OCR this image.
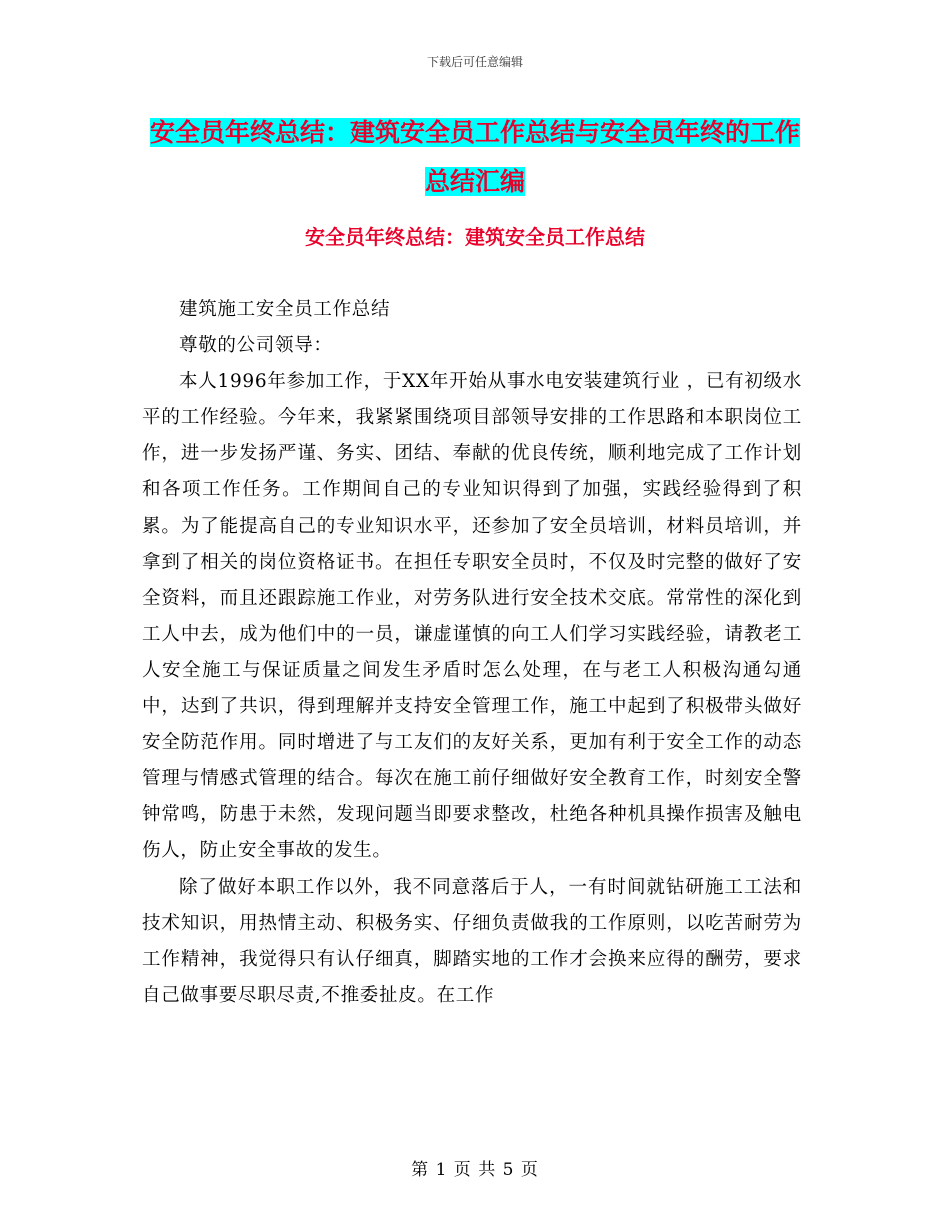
下载后可任意编辑
安全员年终总结：建筑安全员工作总结与安全员年终的工作总结汇编
安全员年终总结：建筑安全员工作总结

建筑施工安全员工作总结

尊敬的公司领导：

本人1996年参加工作，于XX年开始从事水电安装建筑行业 ，已有初级水平的工作经验。今年来，我紧紧围绕项目部领导安排的工作思路和本职岗位工作，进一步发扬严谨、务实、团结、奉献的优良传统，顺利地完成了工作计划和各项工作任务。工作期间自己的专业知识得到了加强，实践经验得到了积累。为了能提高自己的专业知识水平，还参加了安全员培训，材料员培训，并拿到了相关的岗位资格证书。在担任专职安全员时，不仅及时完整的做好了安全资料，而且还跟踪施工作业，对劳务队进行安全技术交底。常常性的深化到工人中去，成为他们中的一员，谦虚谨慎的向工人们学习实践经验，请教老工人安全施工与保证质量之间发生矛盾时怎么处理，在与老工人积极沟通勾通中，达到了共识，得到理解并支持安全管理工作，施工中起到了积极带头做好安全防范作用。同时增进了与工友们的友好关系，更加有利于安全工作的动态管理与情感式管理的结合。每次在施工前仔细做好安全教育工作，时刻安全警钟常鸣，防患于未然，发现问题当即要求整改，杜绝各种机具操作损害及触电伤人，防止安全事故的发生。

除了做好本职工作以外，我不同意落后于人，一有时间就钻研施工工法和技术知识，用热情主动、积极务实、仔细负责做我的工作原则，以吃苦耐劳为工作精神，我觉得只有认仔细真，脚踏实地的工作才会换来应得的酬劳，要求自己做事要尽职尽责,不推委扯皮。在工作

第 1 页 共 5 页
